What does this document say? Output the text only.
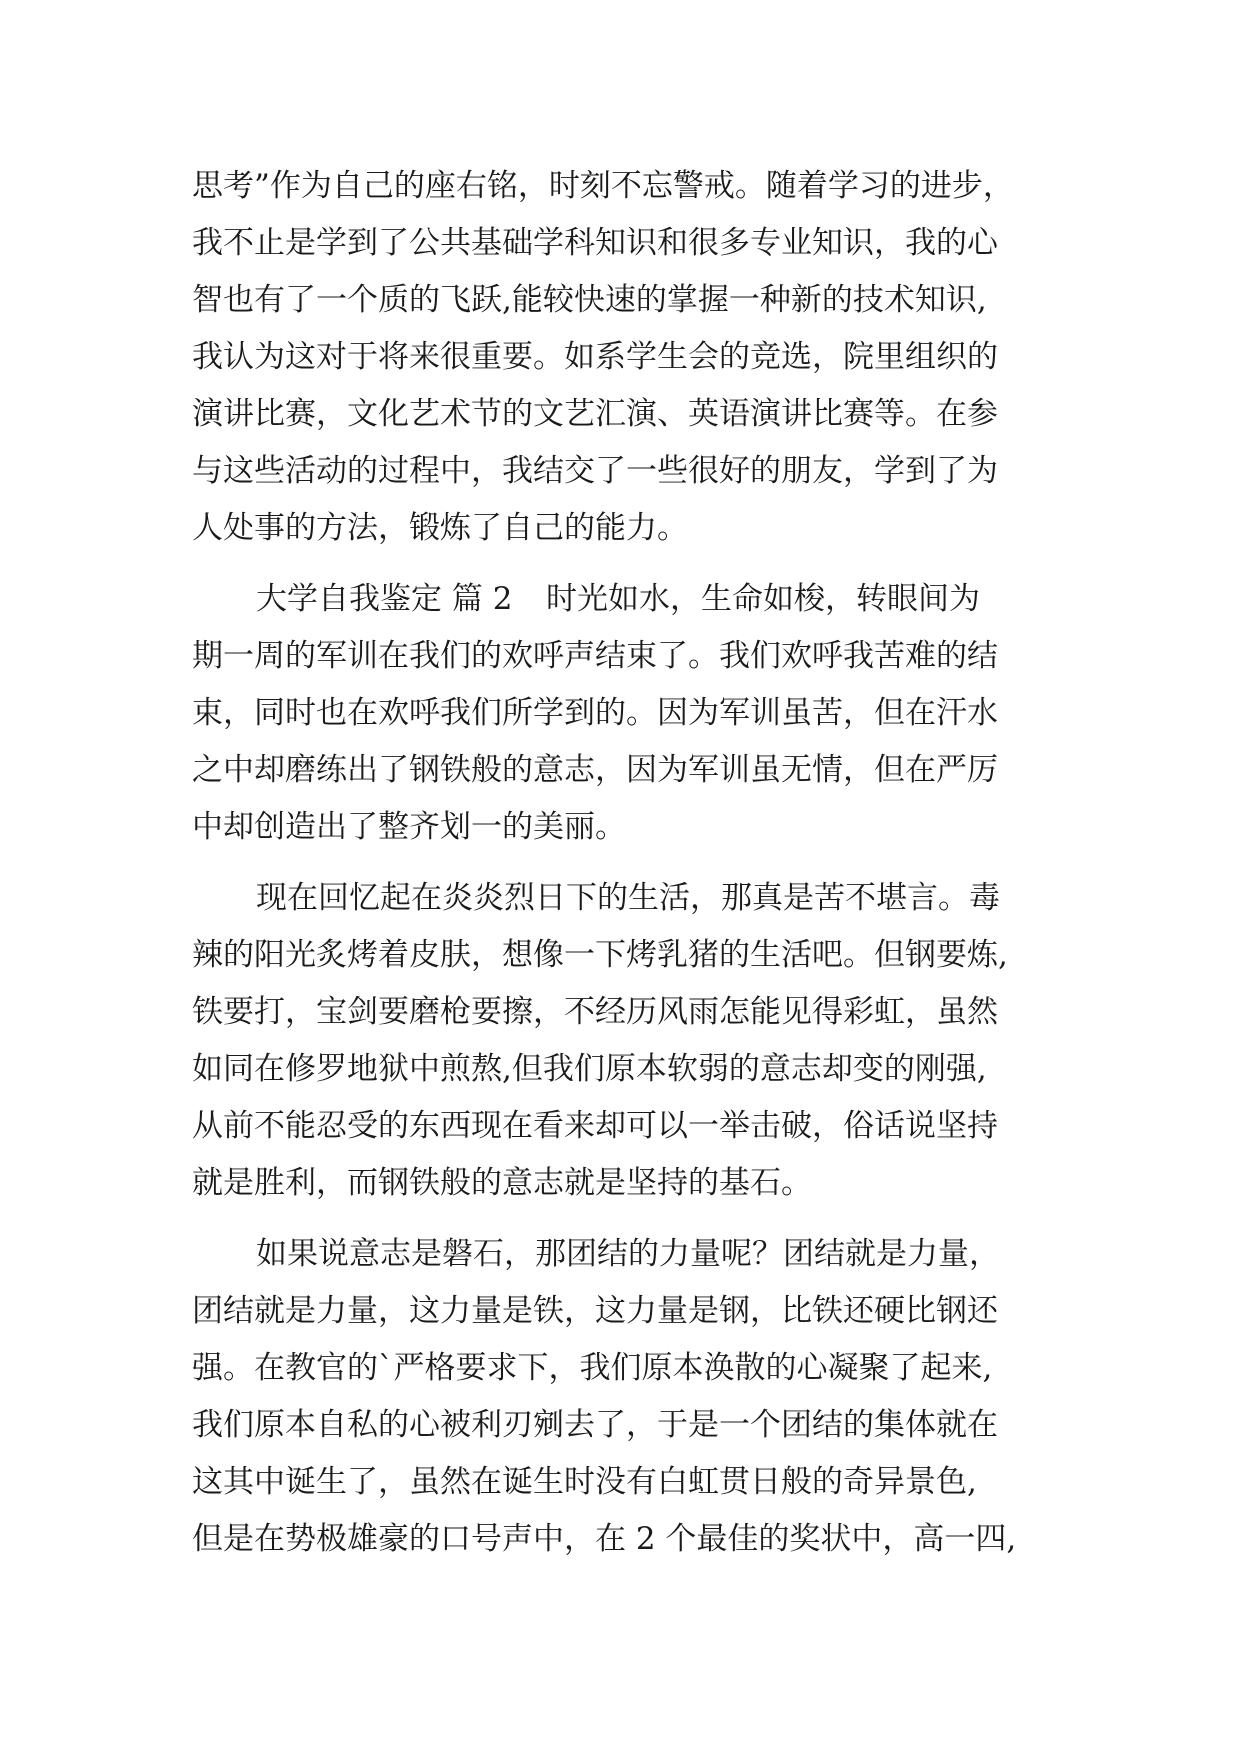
思考”作为自己的座右铭，时刻不忘警戒。随着学习的进步，
我不止是学到了公共基础学科知识和很多专业知识，我的心
智也有了一个质的飞跃,能较快速的掌握一种新的技术知识,
我认为这对于将来很重要。如系学生会的竞选，院里组织的
演讲比赛，文化艺术节的文艺汇演、英语演讲比赛等。在参
与这些活动的过程中，我结交了一些很好的朋友，学到了为
人处事的方法，锻炼了自己的能力。
大学自我鉴定 篇 2 时光如水，生命如梭，转眼间为
期一周的军训在我们的欢呼声结束了。我们欢呼我苦难的结
束，同时也在欢呼我们所学到的。因为军训虽苦，但在汗水
之中却磨练出了钢铁般的意志，因为军训虽无情，但在严厉
中却创造出了整齐划一的美丽。
现在回忆起在炎炎烈日下的生活，那真是苦不堪言。毒
辣的阳光炙烤着皮肤，想像一下烤乳猪的生活吧。但钢要炼,
铁要打，宝剑要磨枪要擦，不经历风雨怎能见得彩虹，虽然
如同在修罗地狱中煎熬,但我们原本软弱的意志却变的刚强,
从前不能忍受的东西现在看来却可以一举击破，俗话说坚持
就是胜利，而钢铁般的意志就是坚持的基石。
如果说意志是磐石，那团结的力量呢？团结就是力量，
团结就是力量，这力量是铁，这力量是钢，比铁还硬比钢还
强。在教官的`严格要求下，我们原本涣散的心凝聚了起来,
我们原本自私的心被利刃剜去了，于是一个团结的集体就在
这其中诞生了，虽然在诞生时没有白虹贯日般的奇异景色,
但是在势极雄豪的口号声中，在 2 个最佳的奖状中，高一四,
